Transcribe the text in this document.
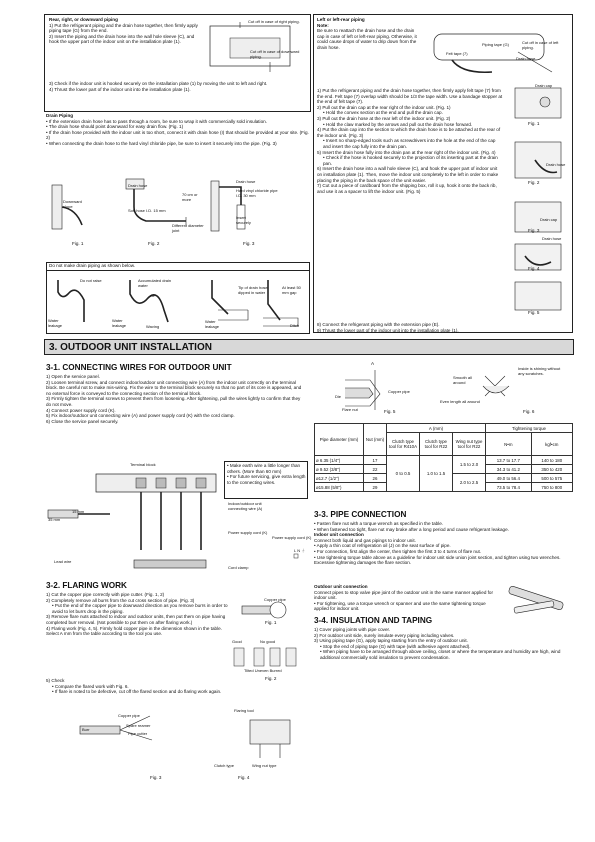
Rear, right, or downward piping

1) Put the refrigerant piping and the drain hose together, then firmly apply piping tape (G) from the end.

2) Insert the piping and the drain hose into the wall hole sleeve (C), and hook the upper part of the indoor unit on the installation plate (1).

3) Check if the indoor unit is hooked securely on the installation plate (1) by moving the unit to left and right.

4) Thrust the lower part of the indoor unit into the installation plate (1).

Cut off in case of right piping.
Cut off in case of downward piping.

Drain Piping

• If the extension drain hose has to pass through a room, be sure to wrap it with commercially sold insulation.

• The drain hose should point downward for easy drain flow. (Fig. 1)

• If the drain hose provided with the indoor unit is too short, connect it with drain hose (I) that should be provided at your site. (Fig. 2)

• When connecting the drain hose to the hard vinyl chloride pipe, be sure to insert it securely into the pipe. (Fig. 3)

Downward slope
Drain hose
Soft hose I.D. 15 mm
70 cm or more
Different diameter joint
Drain hose
Hard vinyl chloride pipe I.D. 30 mm
Insert securely
Fig. 1	Fig. 2	Fig. 3
Do not make drain piping as shown below.
Do not raise	Accumulated drain water
Air
Water leakage
Water leakage	Waving
Tip of drain hose dipped in water
At least 50 mm gap
Water leakage	Ditch

Left or left-rear piping

Note:

Be sure to reattach the drain hose and the drain cap in case of left or left-rear piping. Otherwise, it could cause drops of water to drip down from the drain hose.

Piping tape (G)
Felt tape (7)
Cut off in case of left piping.
Drain hose

1) Put the refrigerant piping and the drain hose together, then firmly apply felt tape (7) from the end. Felt tape (7) overlap width should be 1/3 the tape width. Use a bandage stopper at the end of felt tape (7).

2) Pull out the drain cap at the rear right of the indoor unit. (Fig. 1)

• Hold the convex section at the end and pull the drain cap.

3) Pull out the drain hose at the rear left of the indoor unit. (Fig. 2)

• Hold the claw marked by the arrows and pull out the drain hose forward.

4) Put the drain cap into the section to which the drain hose is to be attached at the rear of the indoor unit. (Fig. 3)

• Insert no sharp-edged tools such as screwdrivers into the hole at the end of the cap and insert the cap fully into the drain pan.

5) Insert the drain hose fully into the drain pan at the rear right of the indoor unit. (Fig. 4)

• Check if the hose is hooked securely to the projection of its inserting part at the drain pan.

6) Insert the drain hose into a wall hole sleeve (C), and hook the upper part of indoor unit on installation plate (1). Then, move the indoor unit completely to the left in order to make placing the piping in the back space of the unit easier.

7) Cut out a piece of cardboard from the shipping box, roll it up, hook it onto the back rib, and use it as a spacer to lift the indoor unit. (Fig. 5)

8) Connect the refrigerant piping with the extension pipe (E).

9) Thrust the lower part of the indoor unit into the installation plate (1).

Drain cap
Fig. 1
Drain hose
Fig. 2
Drain cap
Fig. 3
Drain hose
Fig. 4
Fig. 5
3. OUTDOOR UNIT INSTALLATION
3-1. CONNECTING WIRES FOR OUTDOOR UNIT

1) Open the service panel.

2) Loosen terminal screw, and connect indoor/outdoor unit connecting wire (A) from the indoor unit correctly on the terminal block. Be careful not to make mis-wiring. Fix the wire to the terminal block securely so that no part of its core is appeared, and no external force is conveyed to the connecting section of the terminal block.

3) Firmly tighten the terminal screws to prevent them from loosening. After tightening, pull the wires lightly to confirm that they do not move.

4) Connect power supply cord (K).

5) Fix indoor/outdoor unit connecting wire (A) and power supply cord (K) with the cord clamp.

6) Close the service panel securely.

Terminal block
35 mm
15 mm
Lead wire

• Make earth wire a little longer than others. (More than 60 mm)

• For future servicing, give extra length to the connecting wires.

Indoor/outdoor unit connecting wire (A)
Power supply cord (K)
Cord clamp
Power supply cord (K)
L N ⏚
3-2. FLARING WORK

1) Cut the copper pipe correctly with pipe cutter. (Fig. 1, 2)

2) Completely remove all burrs from the cut cross section of pipe. (Fig. 3)

• Put the end of the copper pipe to downward direction as you remove burrs in order to avoid to let burrs drop in the piping.

3) Remove flare nuts attached to indoor and outdoor units, then put them on pipe having completed burr removal. (Not possible to put them on after flaring work.)

4) Flaring work (Fig. 4, 5). Firmly hold copper pipe in the dimension shown in the table. Select A mm from the table according to the tool you use.

5) Check

• Compare the flared work with Fig. 6.

• If flare is noted to be defective, cut off the flared section and do flaring work again.

Copper pipe
Fig. 1
Good	No good
Tilted Uneven Burred
Fig. 2
Burr
Copper pipe
Spare reamer
Pipe cutter
Flaring tool
Clutch type	Wing nut type
Fig. 3	Fig. 4
A
Die
Copper pipe
Flare nut	Fig. 5
Smooth all around
Inside is shining without any scratches.
Even length all around
Fig. 6
Pipe diameter (mm)	Nut (mm)	A (mm)			Tightening torque	
		Clutch type tool for R410A	Clutch type tool for R22	Wing nut type tool for R22	N•m	kgf•cm
ø 6.35 (1/4")	17	0 to 0.5	1.0 to 1.5	1.5 to 2.0	13.7 to 17.7	140 to 180
ø 9.52 (3/8")	22				34.3 to 41.2	350 to 420
ø12.7 (1/2")	26			2.0 to 2.5	49.0 to 56.4	500 to 575
ø15.88 (5/8")	29				73.5 to 78.4	750 to 800
3-3. PIPE CONNECTION

• Fasten flare nut with a torque wrench as specified in the table.

• When fastened too tight, flare nut may brake after a long period and cause refrigerant leakage.

Indoor unit connection

Connect both liquid and gas pipings to indoor unit.

• Apply a thin coat of refrigeration oil (J) on the seat surface of pipe.

• For connection, first align the center, then tighten the first 3 to 4 turns of flare nut.

• Use tightening torque table above as a guideline for indoor unit side union joint section, and tighten using two wrenches. Excessive tightening damages the flare section.

Outdoor unit connection

Connect pipes to stop valve pipe joint of the outdoor unit in the same manner applied for indoor unit.

• For tightening, use a torque wrench or spanner and use the same tightening torque applied for indoor unit.

3-4. INSULATION AND TAPING

1) Cover piping joints with pipe cover.

2) For outdoor unit side, surely insulate every piping including valves.

3) Using piping tape (G), apply taping starting from the entry of outdoor unit.

• Stop the end of piping tape (G) with tape (with adhesive agent attached).

• When piping have to be arranged through above ceiling, closet or where the temperature and humidity are high, wind additional commercially sold insulation to prevent condensation.
